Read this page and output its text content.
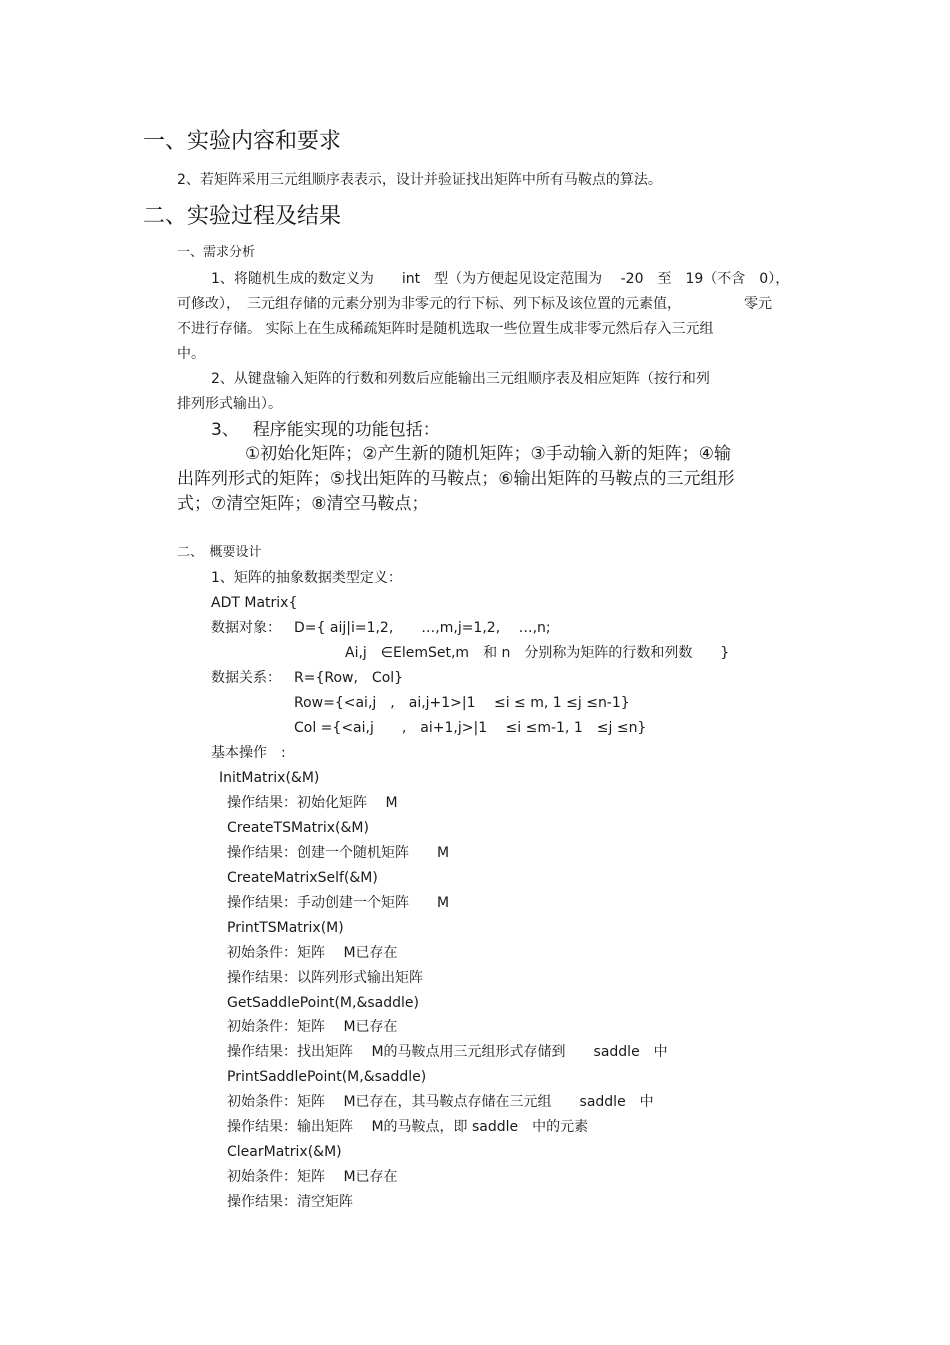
一、实验内容和要求
2、若矩阵采用三元组顺序表表示，设计并验证找出矩阵中所有马鞍点的算法。
二、实验过程及结果
一、需求分析
1、将随机生成的数定义为　　int　型（为方便起见设定范围为　 -20　至　19（不含　0），
可修改），　三元组存储的元素分别为非零元的行下标、列下标及该位置的元素值，　　　　　零元
不进行存储。 实际上在生成稀疏矩阵时是随机选取一些位置生成非零元然后存入三元组
中。
2、从键盘输入矩阵的行数和列数后应能输出三元组顺序表及相应矩阵（按行和列
排列形式输出）。
3、　 程序能实现的功能包括：
①初始化矩阵；②产生新的随机矩阵；③手动输入新的矩阵；④输
出阵列形式的矩阵；⑤找出矩阵的马鞍点；⑥输出矩阵的马鞍点的三元组形
式；⑦清空矩阵；⑧清空马鞍点；
二、　概要设计
1、矩阵的抽象数据类型定义：
ADT Matrix{
数据对象： D={ aij|i=1,2,　　…,m,j=1,2,　 …,n;
Ai,j　∈ElemSet,m　和 n　分别称为矩阵的行数和列数　　}
数据关系： R={Row,　Col}
Row={<ai,j　,　ai,j+1>|1　 ≤i ≤ m, 1 ≤j ≤n-1}
Col ={<ai,j　　,　ai+1,j>|1　 ≤i ≤m-1, 1　≤j ≤n}
基本操作　:
InitMatrix(&M)
操作结果：初始化矩阵　 M
CreateTSMatrix(&M)
操作结果：创建一个随机矩阵　　M
CreateMatrixSelf(&M)
操作结果：手动创建一个矩阵　　M
PrintTSMatrix(M)
初始条件：矩阵　 M已存在
操作结果：以阵列形式输出矩阵
GetSaddlePoint(M,&saddle)
初始条件：矩阵　 M已存在
操作结果：找出矩阵　 M的马鞍点用三元组形式存储到　　saddle　中
PrintSaddlePoint(M,&saddle)
初始条件：矩阵　 M已存在，其马鞍点存储在三元组　　saddle　中
操作结果：输出矩阵　 M的马鞍点，即 saddle　中的元素
ClearMatrix(&M)
初始条件：矩阵　 M已存在
操作结果：清空矩阵
